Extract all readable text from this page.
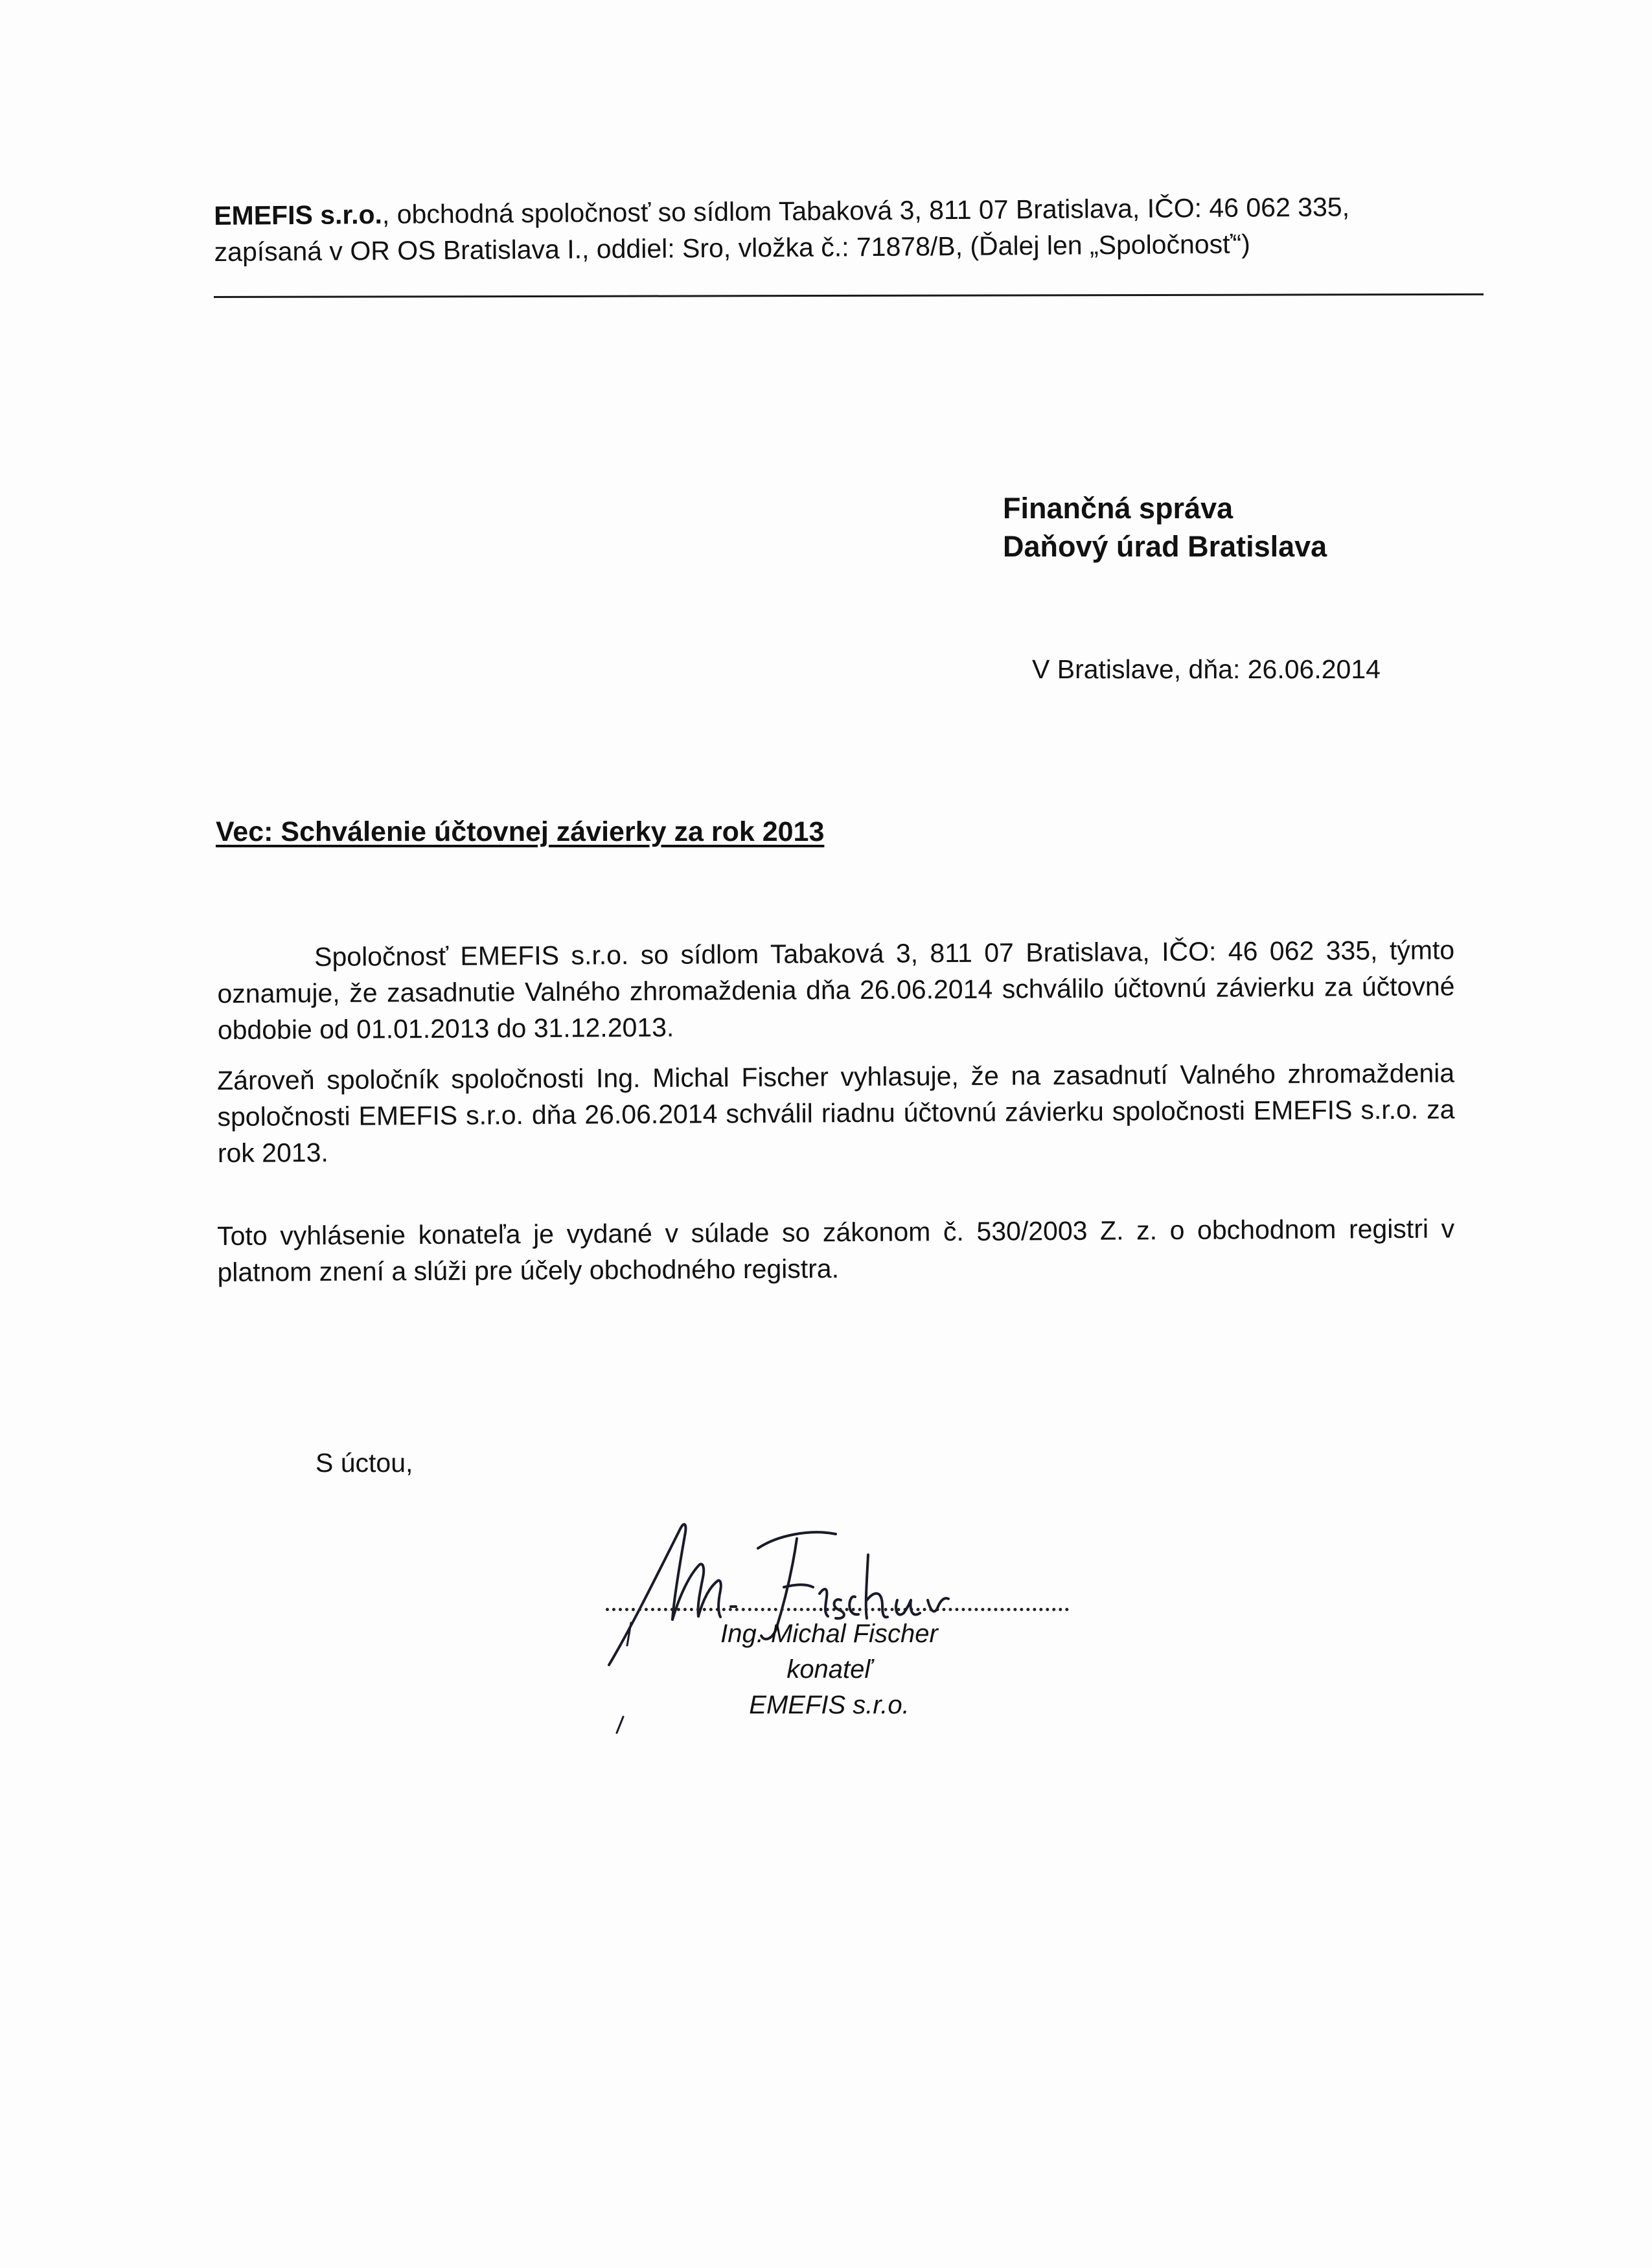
EMEFIS s.r.o., obchodná spoločnosť so sídlom Tabaková 3, 811 07 Bratislava, IČO: 46 062 335,
zapísaná v OR OS Bratislava I., oddiel: Sro, vložka č.: 71878/B, (Ďalej len „Spoločnosť“)
Finančná správa
Daňový úrad Bratislava
V Bratislave, dňa: 26.06.2014
Vec: Schválenie účtovnej závierky za rok 2013
Spoločnosť EMEFIS s.r.o. so sídlom Tabaková 3, 811 07 Bratislava, IČO: 46 062 335, týmto oznamuje, že zasadnutie Valného zhromaždenia dňa 26.06.2014 schválilo účtovnú závierku za účtovné obdobie od 01.01.2013 do 31.12.2013.
Zároveň spoločník spoločnosti Ing. Michal Fischer vyhlasuje, že na zasadnutí Valného zhromaždenia spoločnosti EMEFIS s.r.o. dňa 26.06.2014 schválil riadnu účtovnú závierku spoločnosti EMEFIS s.r.o. za rok 2013.
Toto vyhlásenie konateľa je vydané v súlade so zákonom č. 530/2003 Z. z. o obchodnom registri v platnom znení a slúži pre účely obchodného registra.
S úctou,
Ing. Michal Fischer
konateľ
EMEFIS s.r.o.
